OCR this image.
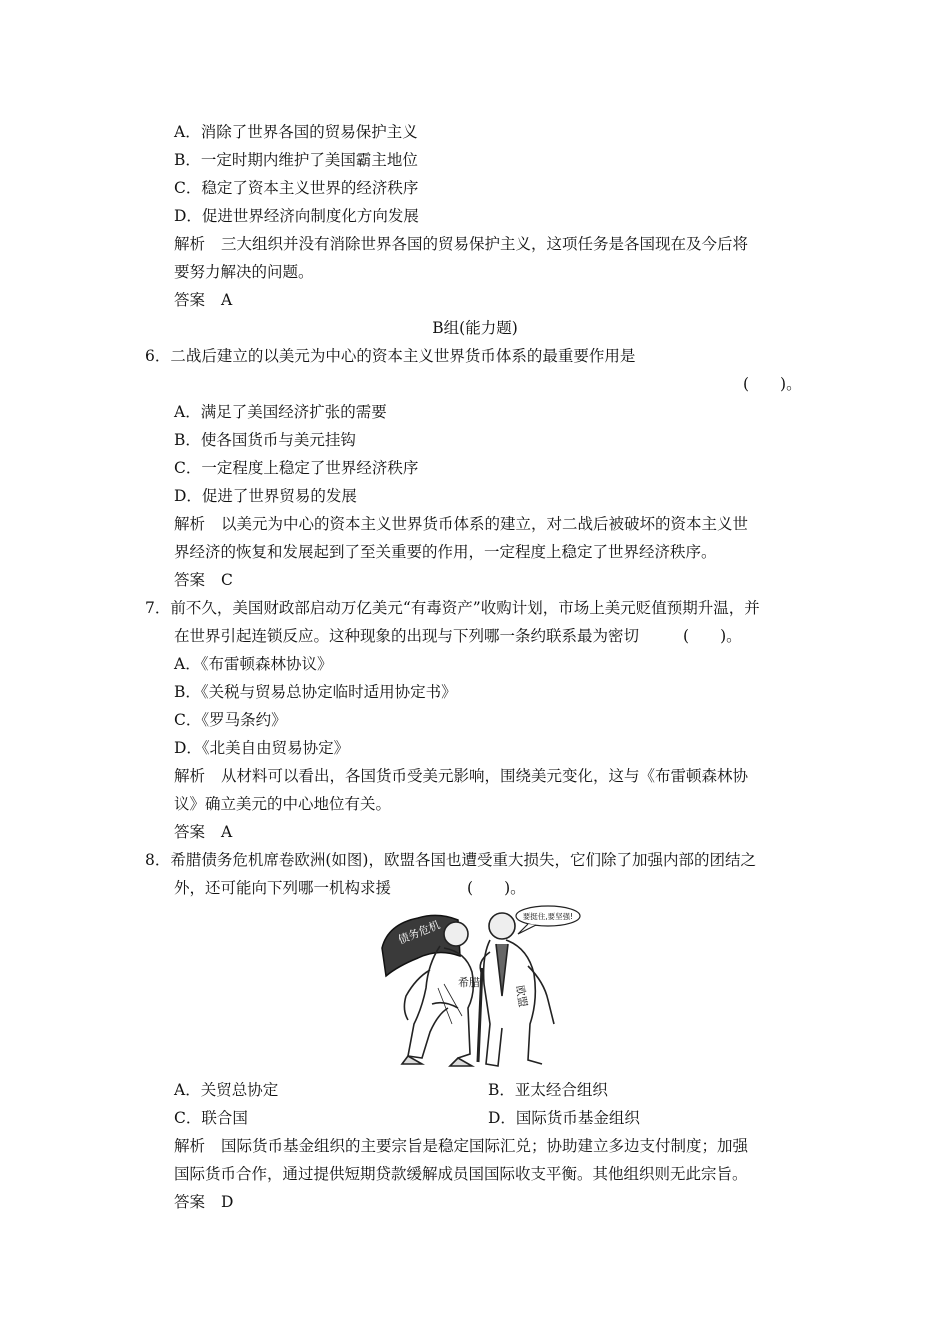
A．消除了世界各国的贸易保护主义
B．一定时期内维护了美国霸主地位
C．稳定了资本主义世界的经济秩序
D．促进世界经济向制度化方向发展
解析 三大组织并没有消除世界各国的贸易保护主义，这项任务是各国现在及今后将
要努力解决的问题。
答案 A
B组(能力题)
6．二战后建立的以美元为中心的资本主义世界货币体系的最重要作用是
(　　)。
A．满足了美国经济扩张的需要
B．使各国货币与美元挂钩
C．一定程度上稳定了世界经济秩序
D．促进了世界贸易的发展
解析 以美元为中心的资本主义世界货币体系的建立，对二战后被破坏的资本主义世
界经济的恢复和发展起到了至关重要的作用，一定程度上稳定了世界经济秩序。
答案 C
7．前不久，美国财政部启动万亿美元“有毒资产”收购计划，市场上美元贬值预期升温，并
在世界引起连锁反应。这种现象的出现与下列哪一条约联系最为密切	(　　)。
A．《布雷顿森林协议》
B．《关税与贸易总协定临时适用协定书》
C．《罗马条约》
D．《北美自由贸易协定》
解析 从材料可以看出，各国货币受美元影响，围绕美元变化，这与《布雷顿森林协
议》确立美元的中心地位有关。
答案 A
8．希腊债务危机席卷欧洲(如图)，欧盟各国也遭受重大损失，它们除了加强内部的团结之
外，还可能向下列哪一机构求援	(　　)。
债务危机
希腊
欧盟
要挺住,要坚强!
A．关贸总协定	B．亚太经合组织
C．联合国	D．国际货币基金组织
解析 国际货币基金组织的主要宗旨是稳定国际汇兑；协助建立多边支付制度；加强
国际货币合作，通过提供短期贷款缓解成员国国际收支平衡。其他组织则无此宗旨。
答案 D
